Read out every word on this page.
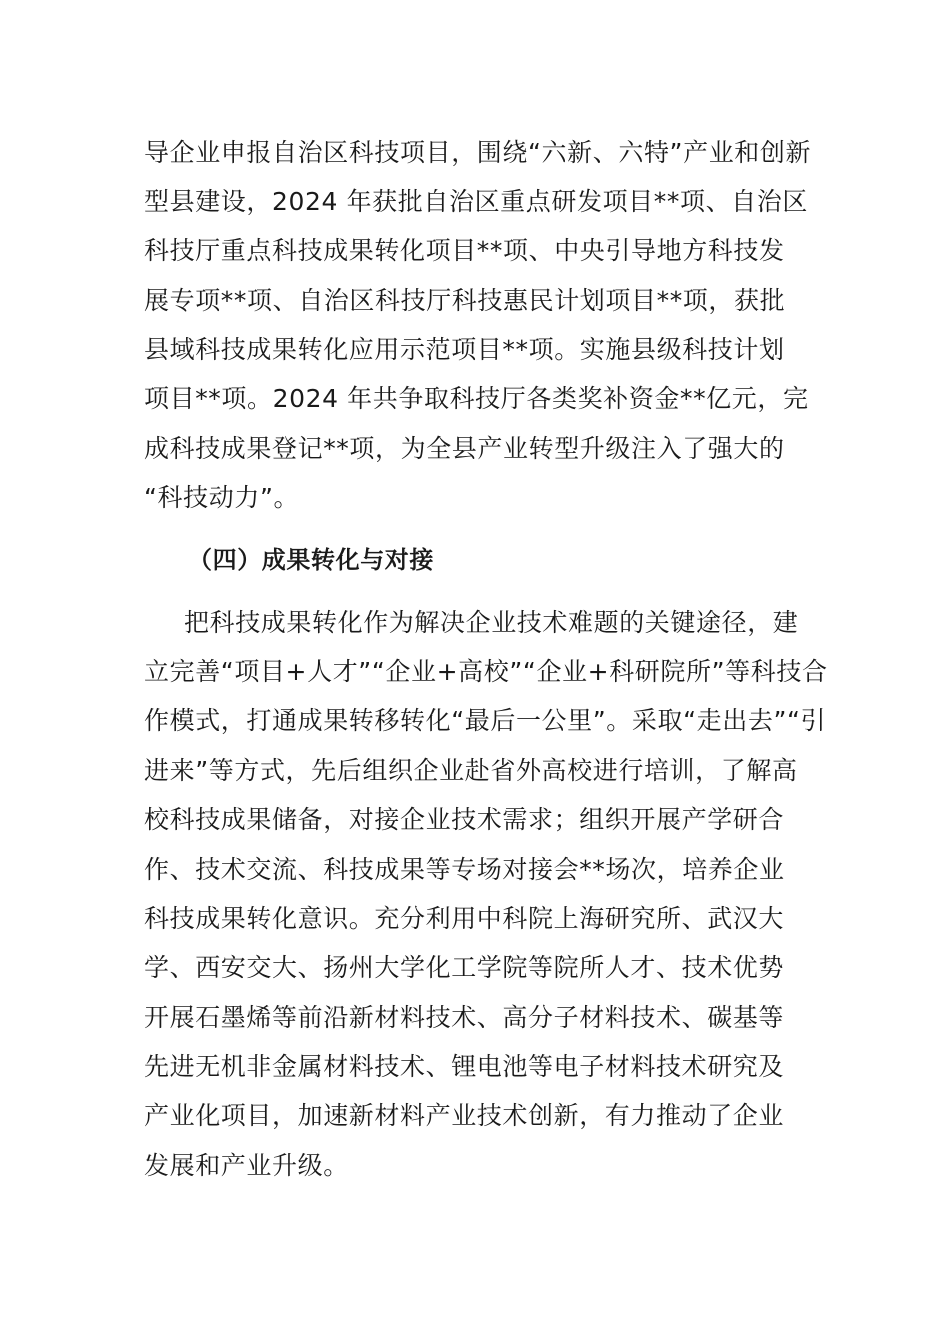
导企业申报自治区科技项目，围绕“六新、六特”产业和创新
型县建设，2024 年获批自治区重点研发项目**项、自治区
科技厅重点科技成果转化项目**项、中央引导地方科技发
展专项**项、自治区科技厅科技惠民计划项目**项，获批
县域科技成果转化应用示范项目**项。实施县级科技计划
项目**项。2024 年共争取科技厅各类奖补资金**亿元，完
成科技成果登记**项，为全县产业转型升级注入了强大的
“科技动力”。
（四）成果转化与对接
把科技成果转化作为解决企业技术难题的关键途径，建
立完善“项目+人才”“企业+高校”“企业+科研院所”等科技合
作模式，打通成果转移转化“最后一公里”。采取“走出去”“引
进来”等方式，先后组织企业赴省外高校进行培训，了解高
校科技成果储备，对接企业技术需求；组织开展产学研合
作、技术交流、科技成果等专场对接会**场次，培养企业
科技成果转化意识。充分利用中科院上海研究所、武汉大
学、西安交大、扬州大学化工学院等院所人才、技术优势
开展石墨烯等前沿新材料技术、高分子材料技术、碳基等
先进无机非金属材料技术、锂电池等电子材料技术研究及
产业化项目，加速新材料产业技术创新，有力推动了企业
发展和产业升级。
